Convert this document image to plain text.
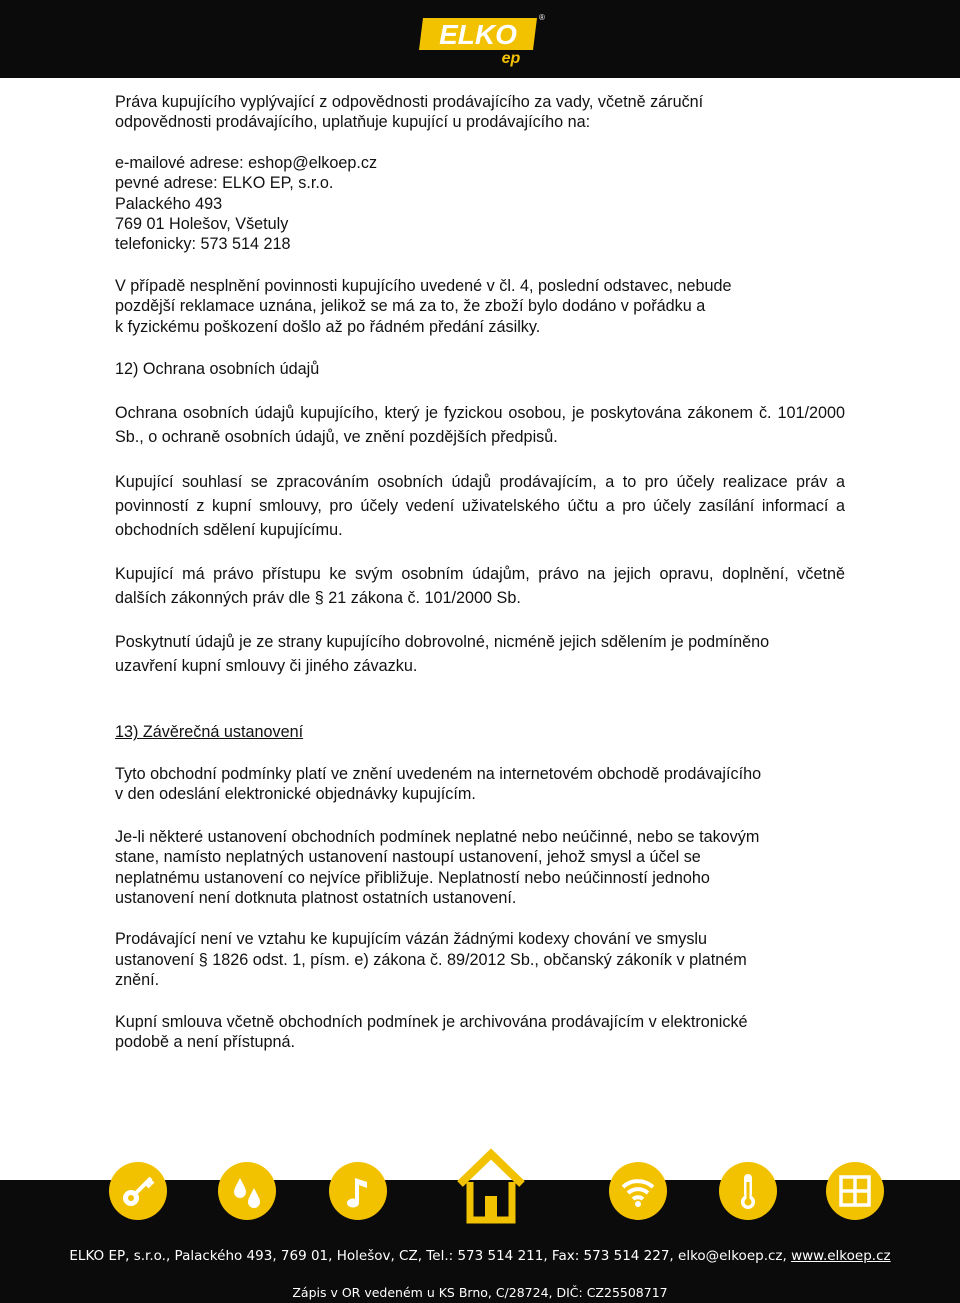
ELKO
ep
®

Práva kupujícího vyplývající z odpovědnosti prodávajícího za vady, včetně záruční
odpovědnosti prodávajícího, uplatňuje kupující u prodávajícího na:

e-mailové adrese: eshop@elkoep.cz
pevné adrese: ELKO EP, s.r.o.
Palackého 493
769 01 Holešov, Všetuly
telefonicky: 573 514 218

V případě nesplnění povinnosti kupujícího uvedené v čl. 4, poslední odstavec, nebude
pozdější reklamace uznána, jelikož se má za to, že zboží bylo dodáno v pořádku a
k fyzickému poškození došlo až po řádném předání zásilky.

12) Ochrana osobních údajů

Ochrana osobních údajů kupujícího, který je fyzickou osobou, je poskytována zákonem č. 101/2000 Sb., o ochraně osobních údajů, ve znění pozdějších předpisů.

Kupující souhlasí se zpracováním osobních údajů prodávajícím, a to pro účely realizace práv a povinností z kupní smlouvy, pro účely vedení uživatelského účtu a pro účely zasílání informací a obchodních sdělení kupujícímu.

Kupující má právo přístupu ke svým osobním údajům, právo na jejich opravu, doplnění, včetně dalších zákonných práv dle § 21 zákona č. 101/2000 Sb.

Poskytnutí údajů je ze strany kupujícího dobrovolné, nicméně jejich sdělením je podmíněno
uzavření kupní smlouvy či jiného závazku.

13) Závěrečná ustanovení

Tyto obchodní podmínky platí ve znění uvedeném na internetovém obchodě prodávajícího
v den odeslání elektronické objednávky kupujícím.

Je-li některé ustanovení obchodních podmínek neplatné nebo neúčinné, nebo se takovým
stane, namísto neplatných ustanovení nastoupí ustanovení, jehož smysl a účel se
neplatnému ustanovení co nejvíce přibližuje. Neplatností nebo neúčinností jednoho
ustanovení není dotknuta platnost ostatních ustanovení.

Prodávající není ve vztahu ke kupujícím vázán žádnými kodexy chování ve smyslu
ustanovení § 1826 odst. 1, písm. e) zákona č. 89/2012 Sb., občanský zákoník v platném
znění.

Kupní smlouva včetně obchodních podmínek je archivována prodávajícím v elektronické
podobě a není přístupná.

ELKO EP, s.r.o., Palackého 493, 769 01, Holešov, CZ, Tel.: 573 514 211, Fax: 573 514 227, elko@elkoep.cz, www.elkoep.cz
Zápis v OR vedeném u KS Brno, C/28724, DIČ: CZ25508717
